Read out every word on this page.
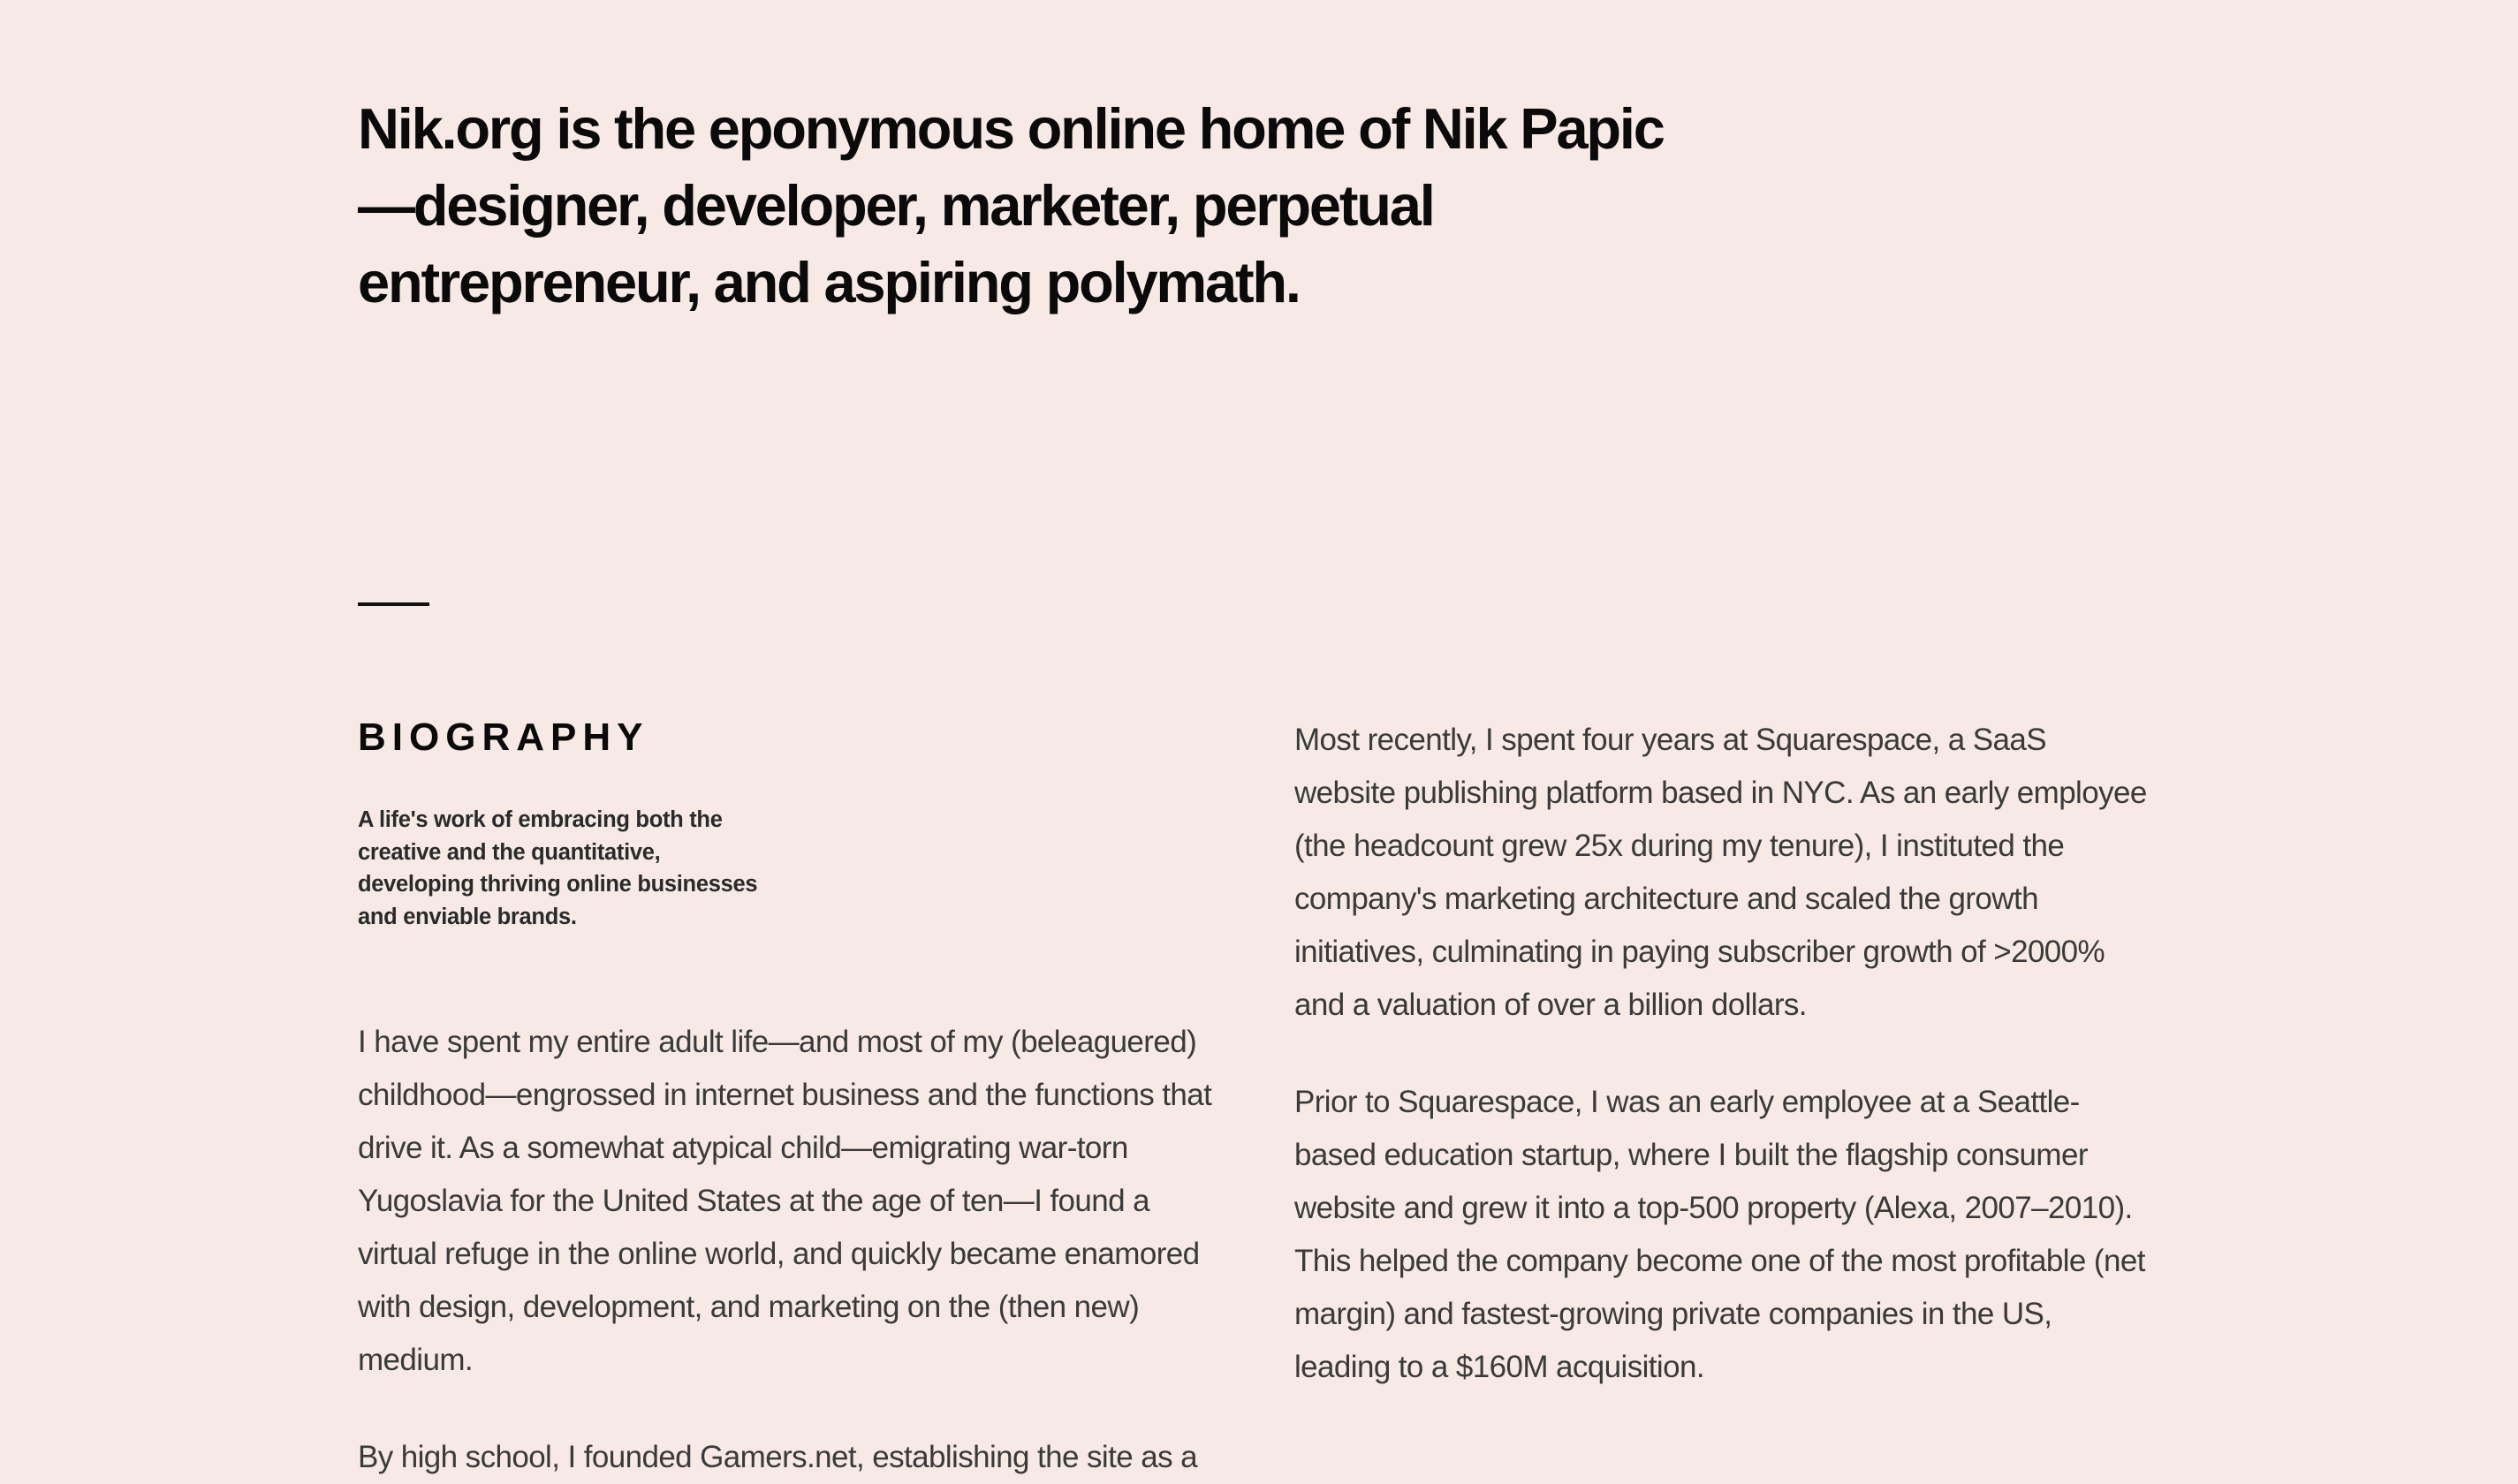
Nik.org is the eponymous online home of Nik Papic—designer, developer, marketer, perpetual entrepreneur, and aspiring polymath.
BIOGRAPHY

A life's work of embracing both the creative and the quantitative, developing thriving online businesses and enviable brands.

I have spent my entire adult life—and most of my (beleaguered) childhood—engrossed in internet business and the functions that drive it. As a somewhat atypical child—emigrating war-torn Yugoslavia for the United States at the age of ten—I found a virtual refuge in the online world, and quickly became enamored with design, development, and marketing on the (then new) medium.

By high school, I founded Gamers.net, establishing the site as a

Most recently, I spent four years at Squarespace, a SaaS website publishing platform based in NYC. As an early employee (the headcount grew 25x during my tenure), I instituted the company's marketing architecture and scaled the growth initiatives, culminating in paying subscriber growth of >2000% and a valuation of over a billion dollars.

Prior to Squarespace, I was an early employee at a Seattle-based education startup, where I built the flagship consumer website and grew it into a top-500 property (Alexa, 2007–2010). This helped the company become one of the most profitable (net margin) and fastest-growing private companies in the US, leading to a $160M acquisition.
